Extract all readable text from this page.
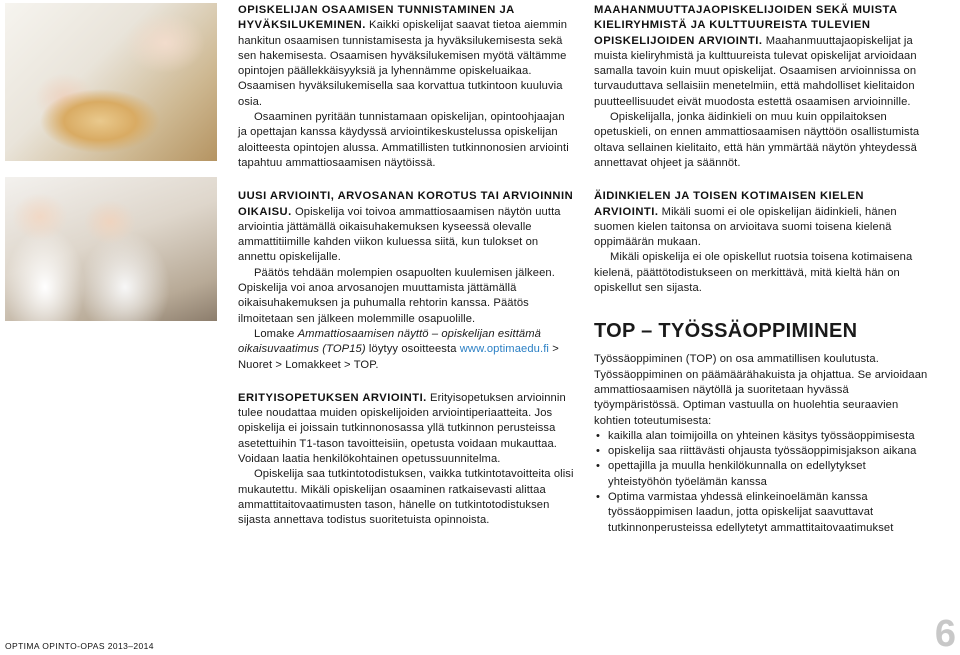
OPISKELIJAN OSAAMISEN TUNNISTAMINEN JA HYVÄKSILUKEMINEN. Kaikki opiskelijat saavat tietoa aiemmin hankitun osaamisen tunnistamisesta ja hyväksilukemisesta sekä sen hakemisesta. Osaamisen hyväksilukemisen myötä vältämme opintojen päällekkäisyyksiä ja lyhennämme opiskeluaikaa. Osaamisen hyväksilukemisella saa korvattua tutkintoon kuuluvia osia.

Osaaminen pyritään tunnistamaan opiskelijan, opintoohjaajan ja opettajan kanssa käydyssä arviointikeskustelussa opiskelijan aloitteesta opintojen alussa. Ammatillisten tutkinnonosien arviointi tapahtuu ammattiosaamisen näytöissä.

UUSI ARVIOINTI, ARVOSANAN KOROTUS TAI ARVIOINNIN OIKAISU. Opiskelija voi toivoa ammattiosaamisen näytön uutta arviointia jättämällä oikaisuhakemuksen kyseessä olevalle ammattitiimille kahden viikon kuluessa siitä, kun tulokset on annettu opiskelijalle.

Päätös tehdään molempien osapuolten kuulemisen jälkeen. Opiskelija voi anoa arvosanojen muuttamista jättämällä oikaisuhakemuksen ja puhumalla rehtorin kanssa. Päätös ilmoitetaan sen jälkeen molemmille osapuolille.

Lomake Ammattiosaamisen näyttö – opiskelijan esittämä oikaisuvaatimus (TOP15) löytyy osoitteesta www.optimaedu.fi > Nuoret > Lomakkeet > TOP.

ERITYISOPETUKSEN ARVIOINTI. Erityisopetuksen arvioinnin tulee noudattaa muiden opiskelijoiden arviointiperiaatteita. Jos opiskelija ei joissain tutkinnonosassa yllä tutkinnon perusteissa asetettuihin T1-tason tavoitteisiin, opetusta voidaan mukauttaa. Voidaan laatia henkilökohtainen opetussuunnitelma.

Opiskelija saa tutkintotodistuksen, vaikka tutkintotavoitteita olisi mukautettu. Mikäli opiskelijan osaaminen ratkaisevasti alittaa ammattitaitovaatimusten tason, hänelle on tutkintotodistuksen sijasta annettava todistus suoritetuista opinnoista.

MAAHANMUUTTAJAOPISKELIJOIDEN SEKÄ MUISTA KIELIRYHMISTÄ JA KULTTUUREISTA TULEVIEN OPISKELIJOIDEN ARVIOINTI. Maahanmuuttajaopiskelijat ja muista kieliryhmistä ja kulttuureista tulevat opiskelijat arvioidaan samalla tavoin kuin muut opiskelijat. Osaamisen arvioinnissa on turvauduttava sellaisiin menetelmiin, että mahdolliset kielitaidon puutteellisuudet eivät muodosta estettä osaamisen arvioinnille.

Opiskelijalla, jonka äidinkieli on muu kuin oppilaitoksen opetuskieli, on ennen ammattiosaamisen näyttöön osallistumista oltava sellainen kielitaito, että hän ymmärtää näytön yhteydessä annettavat ohjeet ja säännöt.

ÄIDINKIELEN JA TOISEN KOTIMAISEN KIELEN ARVIOINTI. Mikäli suomi ei ole opiskelijan äidinkieli, hänen suomen kielen taitonsa on arvioitava suomi toisena kielenä oppimäärän mukaan.

Mikäli opiskelija ei ole opiskellut ruotsia toisena kotimaisena kielenä, päättötodistukseen on merkittävä, mitä kieltä hän on opiskellut sen sijasta.

TOP – TYÖSSÄOPPIMINEN

Työssäoppiminen (TOP) on osa ammatillisen koulutusta. Työssäoppiminen on päämäärähakuista ja ohjattua. Se arvioidaan ammattiosaamisen näytöllä ja suoritetaan hyvässä työympäristössä. Optiman vastuulla on huolehtia seuraavien kohtien toteutumisesta:

• kaikilla alan toimijoilla on yhteinen käsitys työssäoppimisesta
• opiskelija saa riittävästi ohjausta työssäoppimisjakson aikana
• opettajilla ja muulla henkilökunnalla on edellytykset yhteistyöhön työelämän kanssa
• Optima varmistaa yhdessä elinkeinoelämän kanssa työssäoppimisen laadun, jotta opiskelijat saavuttavat tutkinnonperusteissa edellytetyt ammattitaitovaatimukset
OPTIMA OPINTO-OPAS 2013–2014	6
